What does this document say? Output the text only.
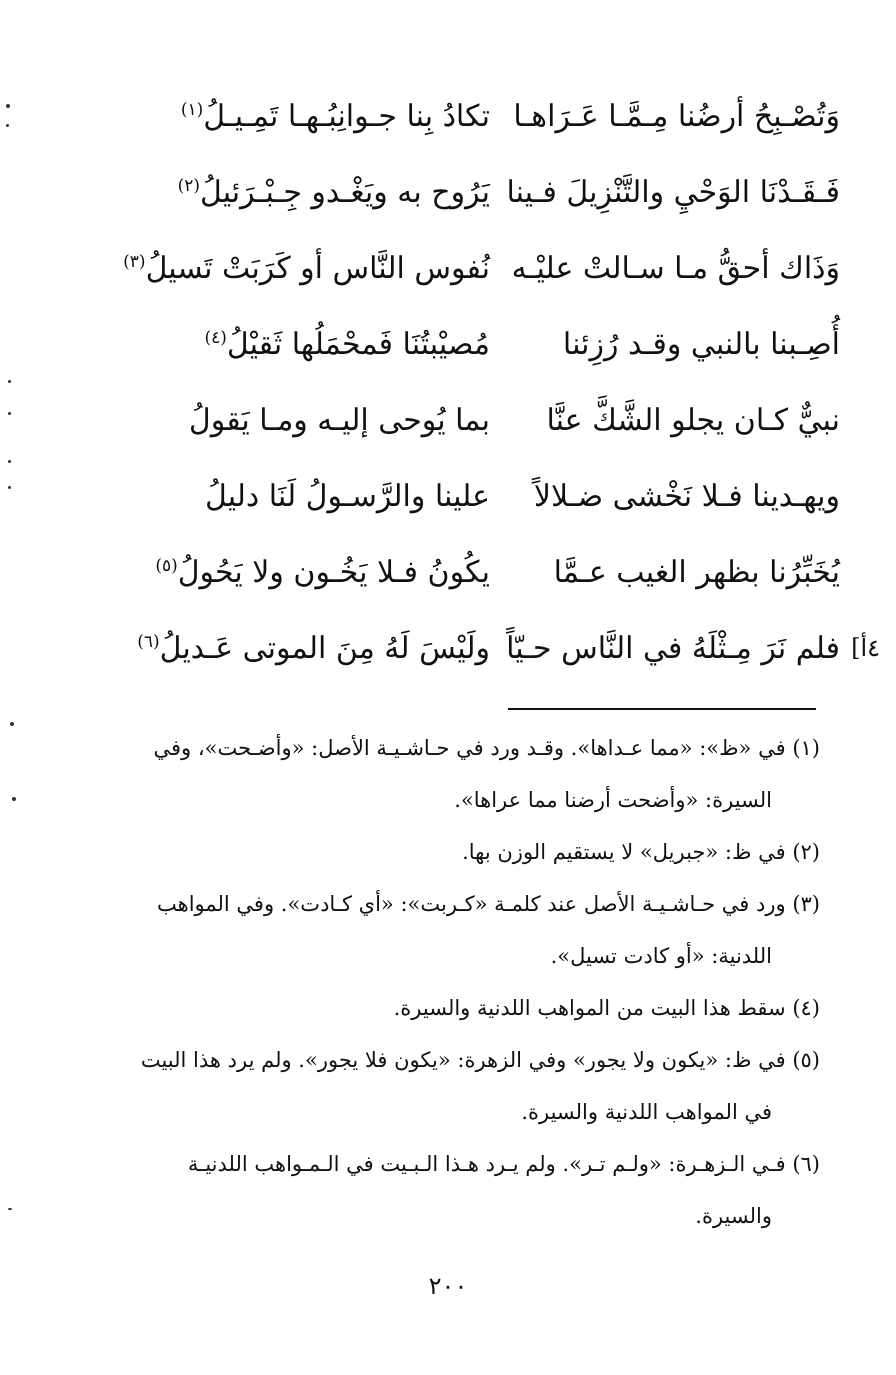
وَتُصْـبِحُ أرضُنا مِـمَّـا عَـرَاهـا
تكادُ بِنا جـوانِبُـهـا تَمِـيـلُ$^{(١)}$
فَـقَـدْنَا الوَحْيِ والتَّنْزِيلَ فـينا
يَرُوح به ويَغْـدو جِـبْـرَئيلُ$^{(٢)}$
وَذَاك أحقُّ مـا سـالتْ عليْـه
نُفوس النَّاس أو كَرَبَتْ تَسيلُ$^{(٣)}$
أُصِـبنا بالنبي وقـد رُزِئنا
مُصيْبتُنَا فَمحْمَلُها ثَقيْلُ$^{(٤)}$
نبيٌّ كـان يجلو الشَّكَّ عنَّا
بما يُوحى إليـه ومـا يَقولُ
ويهـدينا فـلا نَخْشى ضـلالاً
علينا والرَّسـولُ لَنَا دليلُ
يُخَبِّرُنا بظهر الغيب عـمَّا
يكُونُ فـلا يَخُـون ولا يَحُولُ$^{(٥)}$
٤أ]
فلم نَرَ مِـثْلَهُ في النَّاس حـيّاً
ولَيْسَ لَهُ مِنَ الموتى عَـديلُ$^{(٦)}$
(١) في «ظ»: «مما عـداها». وقـد ورد في حـاشـيـة الأصل: «وأضـحت»، وفي
السيرة: «وأضحت أرضنا مما عراها».
(٢) في ظ: «جبريل» لا يستقيم الوزن بها.
(٣) ورد في حـاشـيـة الأصل عند كلمـة «كـربت»: «أي كـادت». وفي المواهب
اللدنية: «أو كادت تسيل».
(٤) سقط هذا البيت من المواهب اللدنية والسيرة.
(٥) في ظ: «يكون ولا يجور» وفي الزهرة: «يكون فلا يجور». ولم يرد هذا البيت
في المواهب اللدنية والسيرة.
(٦) فـي الـزهـرة: «ولـم تـر». ولم يـرد هـذا الـبـيت في الـمـواهب اللدنيـة
والسيرة.
٢٠٠
